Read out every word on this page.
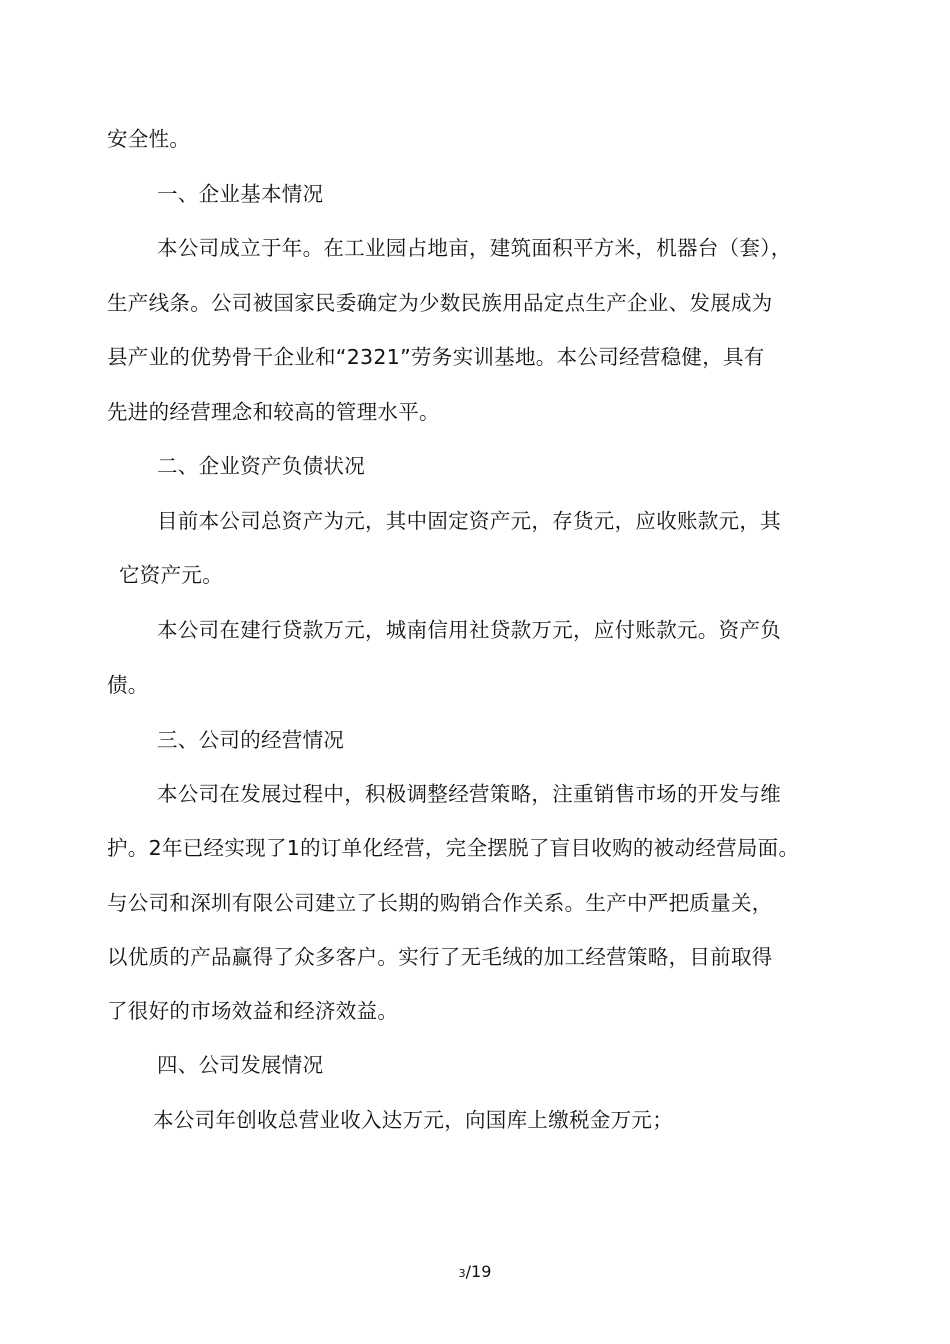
安全性。
一、企业基本情况
本公司成立于年。在工业园占地亩，建筑面积平方米，机器台（套），
生产线条。公司被国家民委确定为少数民族用品定点生产企业、发展成为
县产业的优势骨干企业和“2321”劳务实训基地。本公司经营稳健，具有
先进的经营理念和较高的管理水平。
二、企业资产负债状况
目前本公司总资产为元，其中固定资产元，存货元，应收账款元，其
它资产元。
本公司在建行贷款万元，城南信用社贷款万元，应付账款元。资产负
债。
三、公司的经营情况
本公司在发展过程中，积极调整经营策略，注重销售市场的开发与维
护。2年已经实现了1的订单化经营，完全摆脱了盲目收购的被动经营局面。
与公司和深圳有限公司建立了长期的购销合作关系。生产中严把质量关，
以优质的产品赢得了众多客户。实行了无毛绒的加工经营策略，目前取得
了很好的市场效益和经济效益。
四、公司发展情况
本公司年创收总营业收入达万元，向国库上缴税金万元；
3/19
